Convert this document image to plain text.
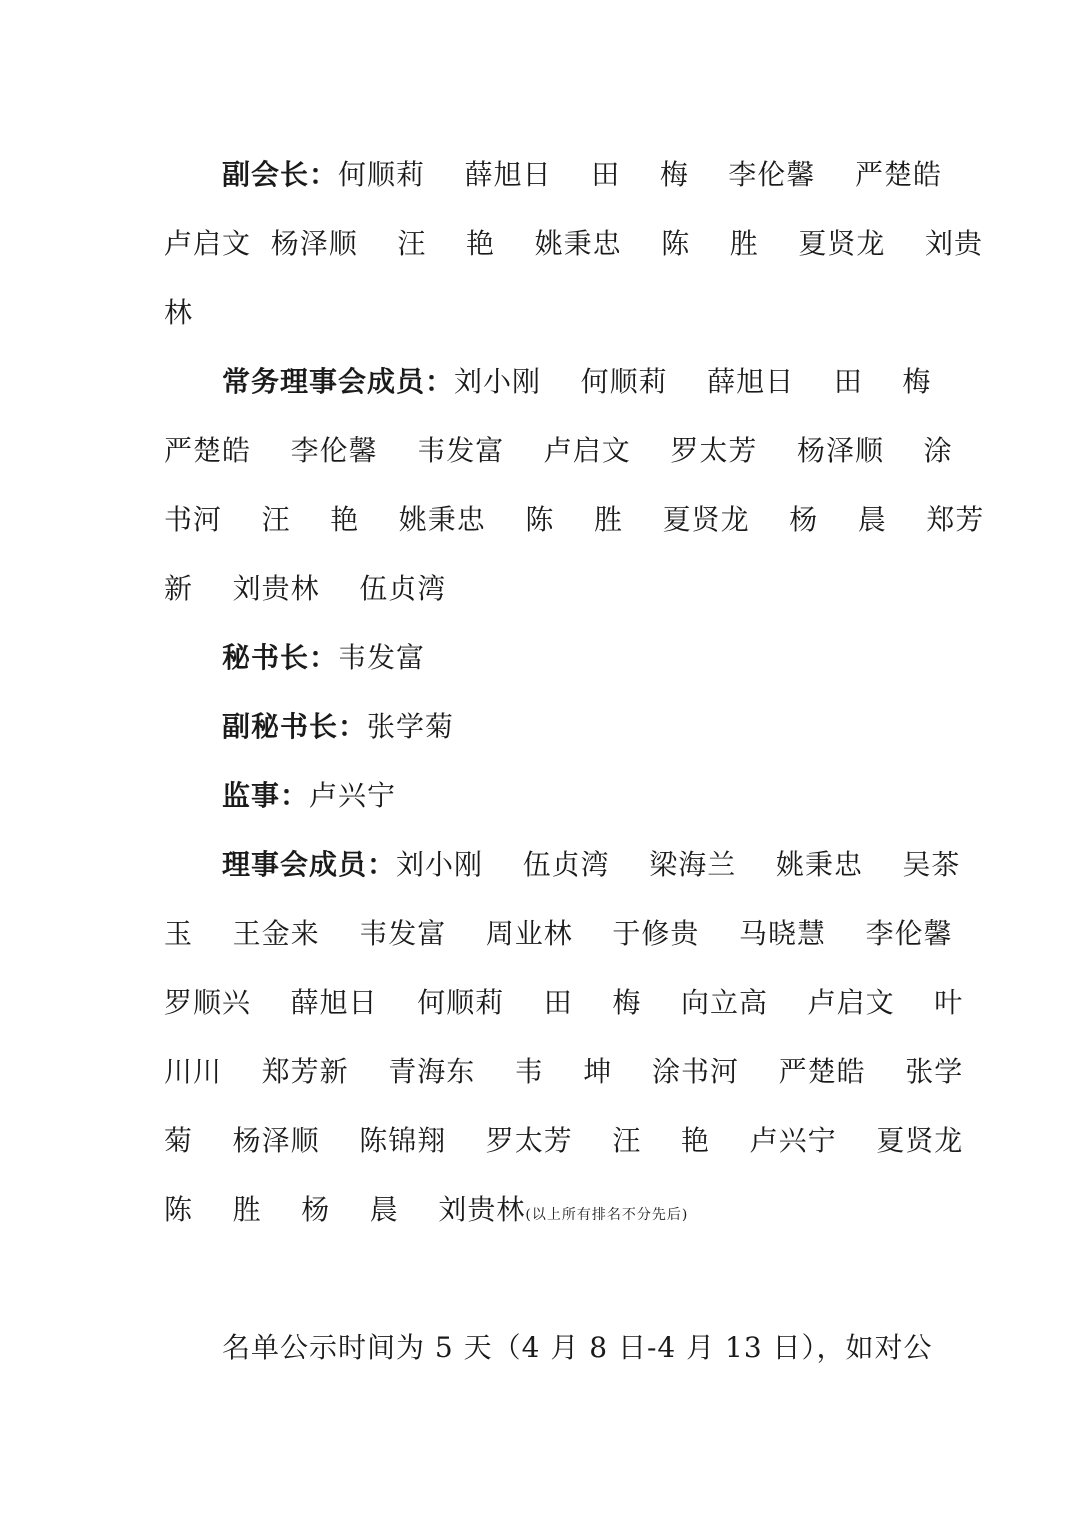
副会长：何顺莉    薛旭日    田    梅    李伦馨    严楚皓
卢启文  杨泽顺    汪    艳    姚秉忠    陈    胜    夏贤龙    刘贵
林
常务理事会成员：刘小刚    何顺莉    薛旭日    田    梅
严楚皓    李伦馨    韦发富    卢启文    罗太芳    杨泽顺    涂
书河    汪    艳    姚秉忠    陈    胜    夏贤龙    杨    晨    郑芳
新    刘贵林    伍贞湾
秘书长：韦发富
副秘书长：张学菊
监事：卢兴宁
理事会成员：刘小刚    伍贞湾    梁海兰    姚秉忠    吴茶
玉    王金来    韦发富    周业林    于修贵    马晓慧    李伦馨
罗顺兴    薛旭日    何顺莉    田    梅    向立高    卢启文    叶
川川    郑芳新    青海东    韦    坤    涂书河    严楚皓    张学
菊    杨泽顺    陈锦翔    罗太芳    汪    艳    卢兴宁    夏贤龙
陈    胜    杨    晨    刘贵林(以上所有排名不分先后)
名单公示时间为 5 天（4 月 8 日-4 月 13 日），如对公
